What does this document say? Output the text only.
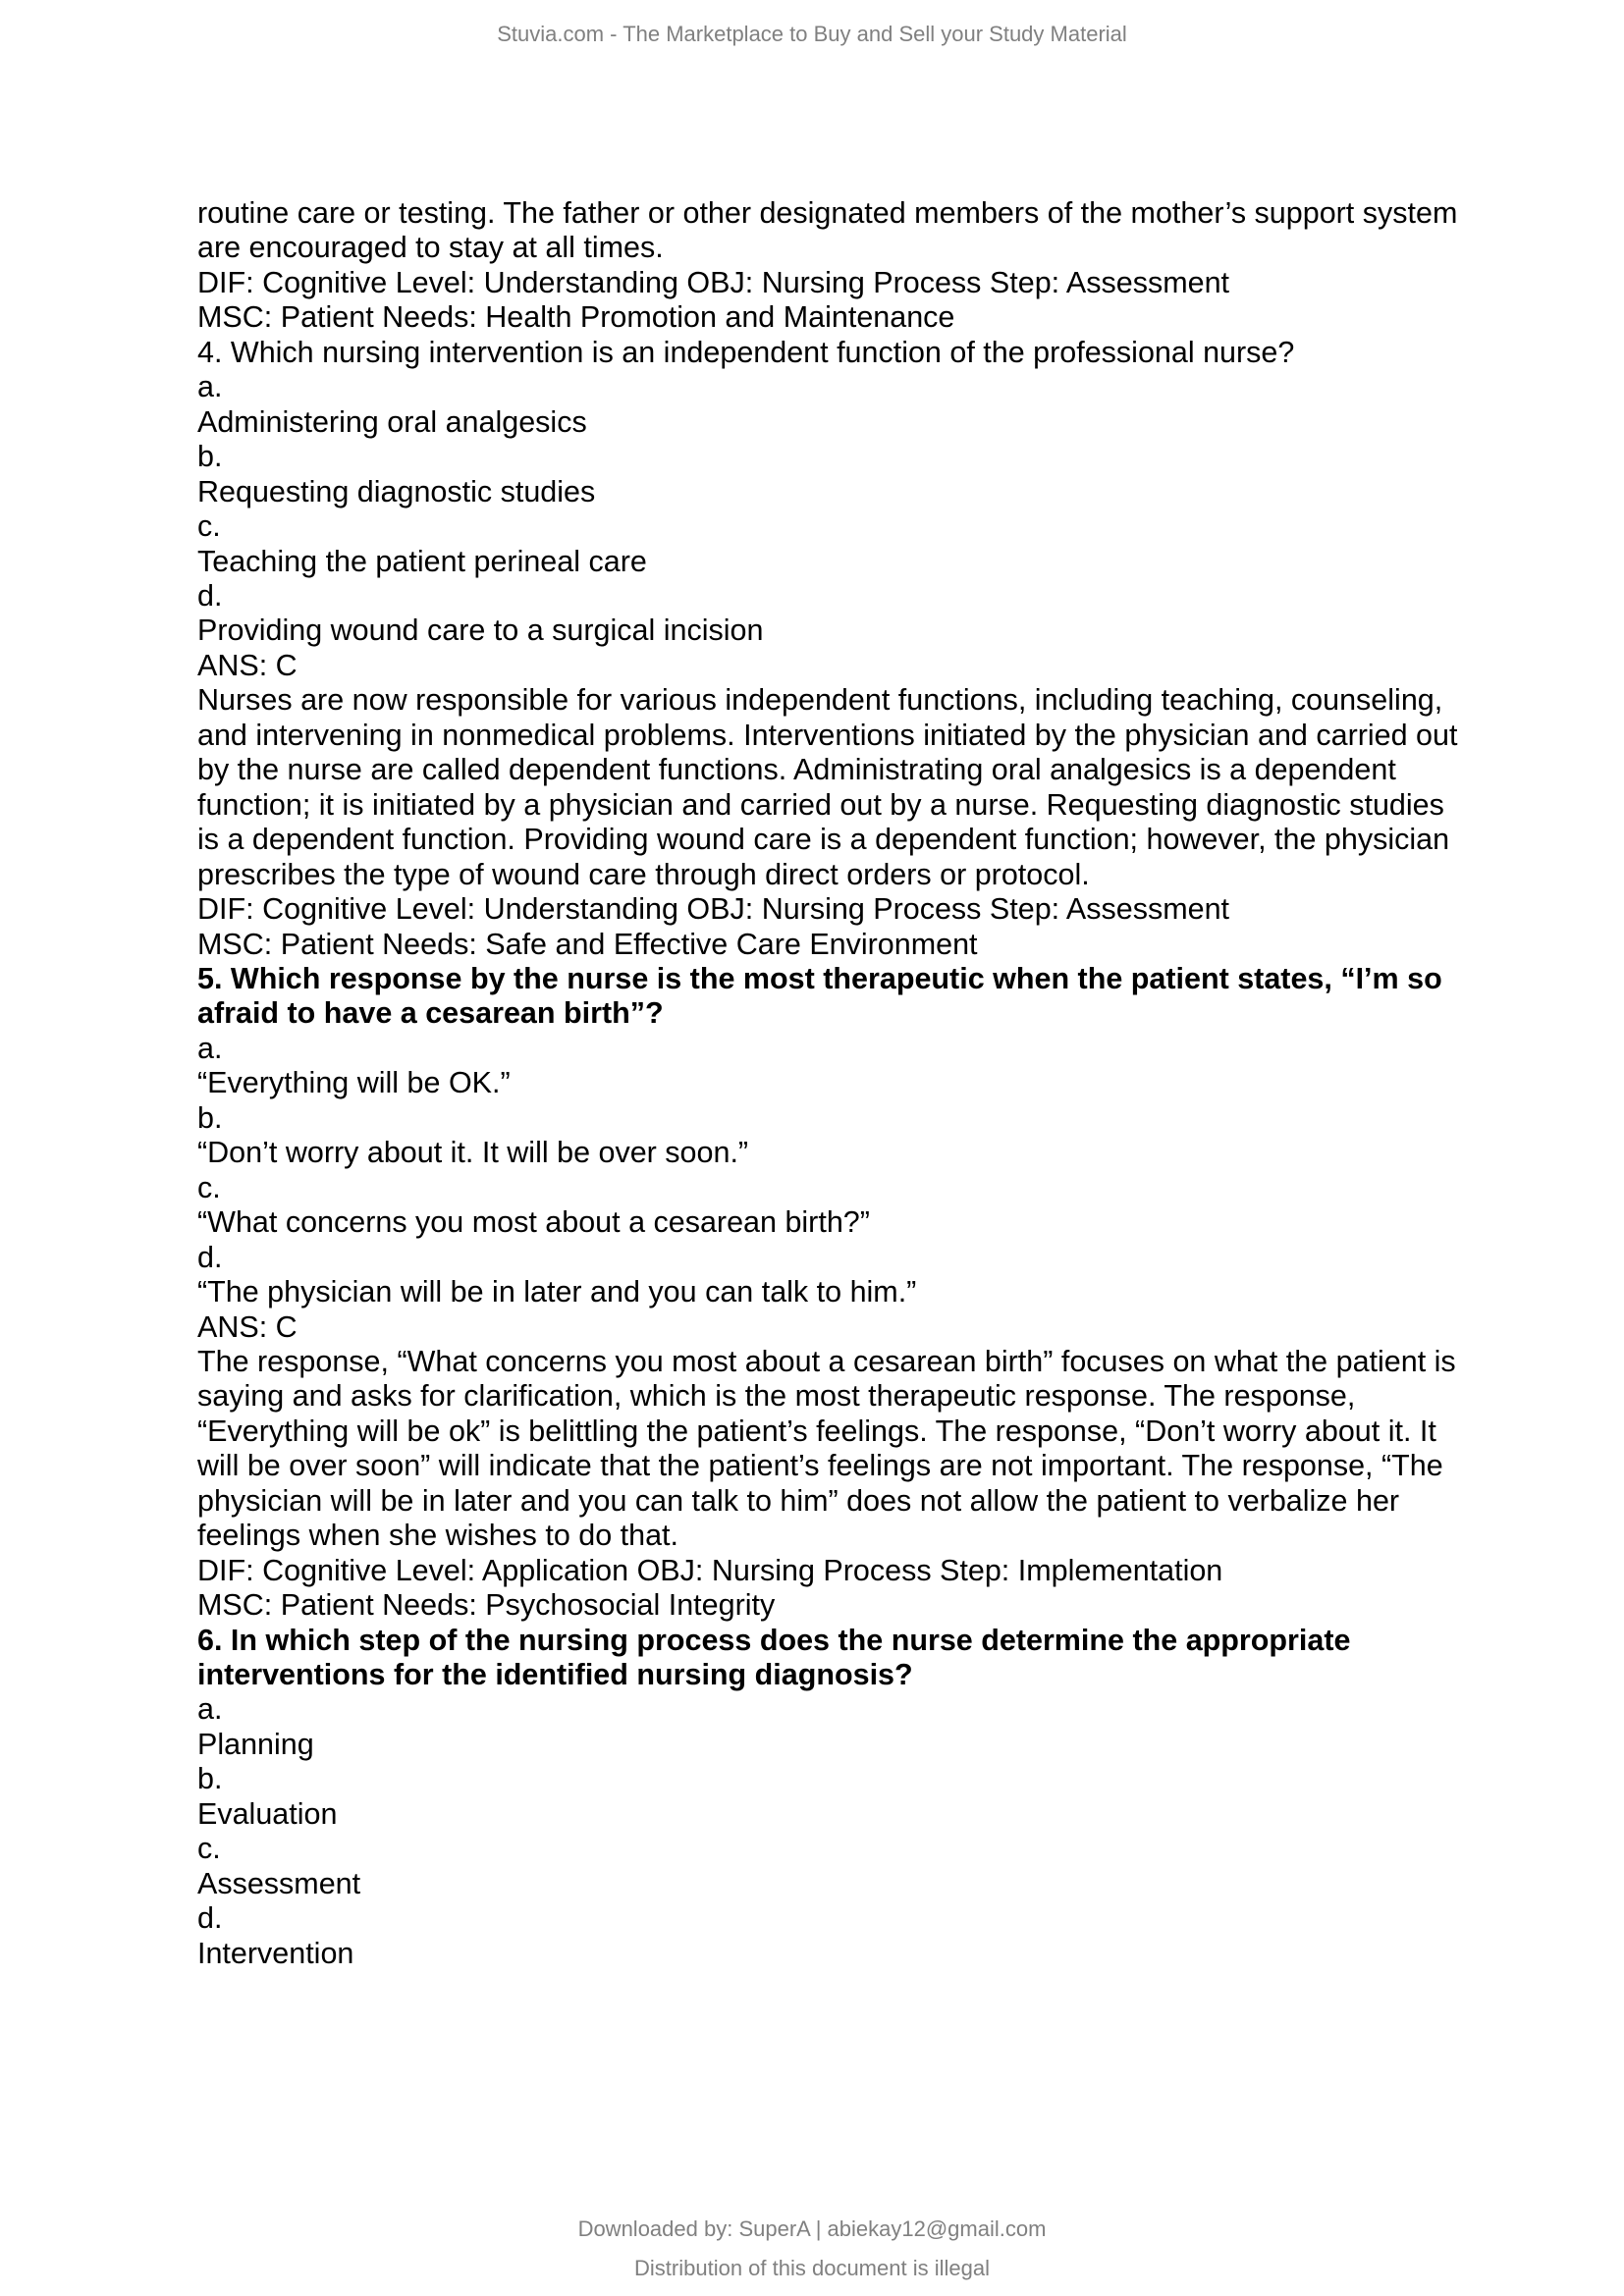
Stuvia.com - The Marketplace to Buy and Sell your Study Material
routine care or testing. The father or other designated members of the mother’s support system
are encouraged to stay at all times.
DIF: Cognitive Level: Understanding OBJ: Nursing Process Step: Assessment
MSC: Patient Needs: Health Promotion and Maintenance
4. Which nursing intervention is an independent function of the professional nurse?
a.
Administering oral analgesics
b.
Requesting diagnostic studies
c.
Teaching the patient perineal care
d.
Providing wound care to a surgical incision
ANS: C
Nurses are now responsible for various independent functions, including teaching, counseling,
and intervening in nonmedical problems. Interventions initiated by the physician and carried out
by the nurse are called dependent functions. Administrating oral analgesics is a dependent
function; it is initiated by a physician and carried out by a nurse. Requesting diagnostic studies
is a dependent function. Providing wound care is a dependent function; however, the physician
prescribes the type of wound care through direct orders or protocol.
DIF: Cognitive Level: Understanding OBJ: Nursing Process Step: Assessment
MSC: Patient Needs: Safe and Effective Care Environment
5. Which response by the nurse is the most therapeutic when the patient states, “I’m so
afraid to have a cesarean birth”?
a.
“Everything will be OK.”
b.
“Don’t worry about it. It will be over soon.”
c.
“What concerns you most about a cesarean birth?”
d.
“The physician will be in later and you can talk to him.”
ANS: C
The response, “What concerns you most about a cesarean birth” focuses on what the patient is
saying and asks for clarification, which is the most therapeutic response. The response,
“Everything will be ok” is belittling the patient’s feelings. The response, “Don’t worry about it. It
will be over soon” will indicate that the patient’s feelings are not important. The response, “The
physician will be in later and you can talk to him” does not allow the patient to verbalize her
feelings when she wishes to do that.
DIF: Cognitive Level: Application OBJ: Nursing Process Step: Implementation
MSC: Patient Needs: Psychosocial Integrity
6. In which step of the nursing process does the nurse determine the appropriate
interventions for the identified nursing diagnosis?
a.
Planning
b.
Evaluation
c.
Assessment
d.
Intervention
Downloaded by: SuperA | abiekay12@gmail.com
Distribution of this document is illegal
